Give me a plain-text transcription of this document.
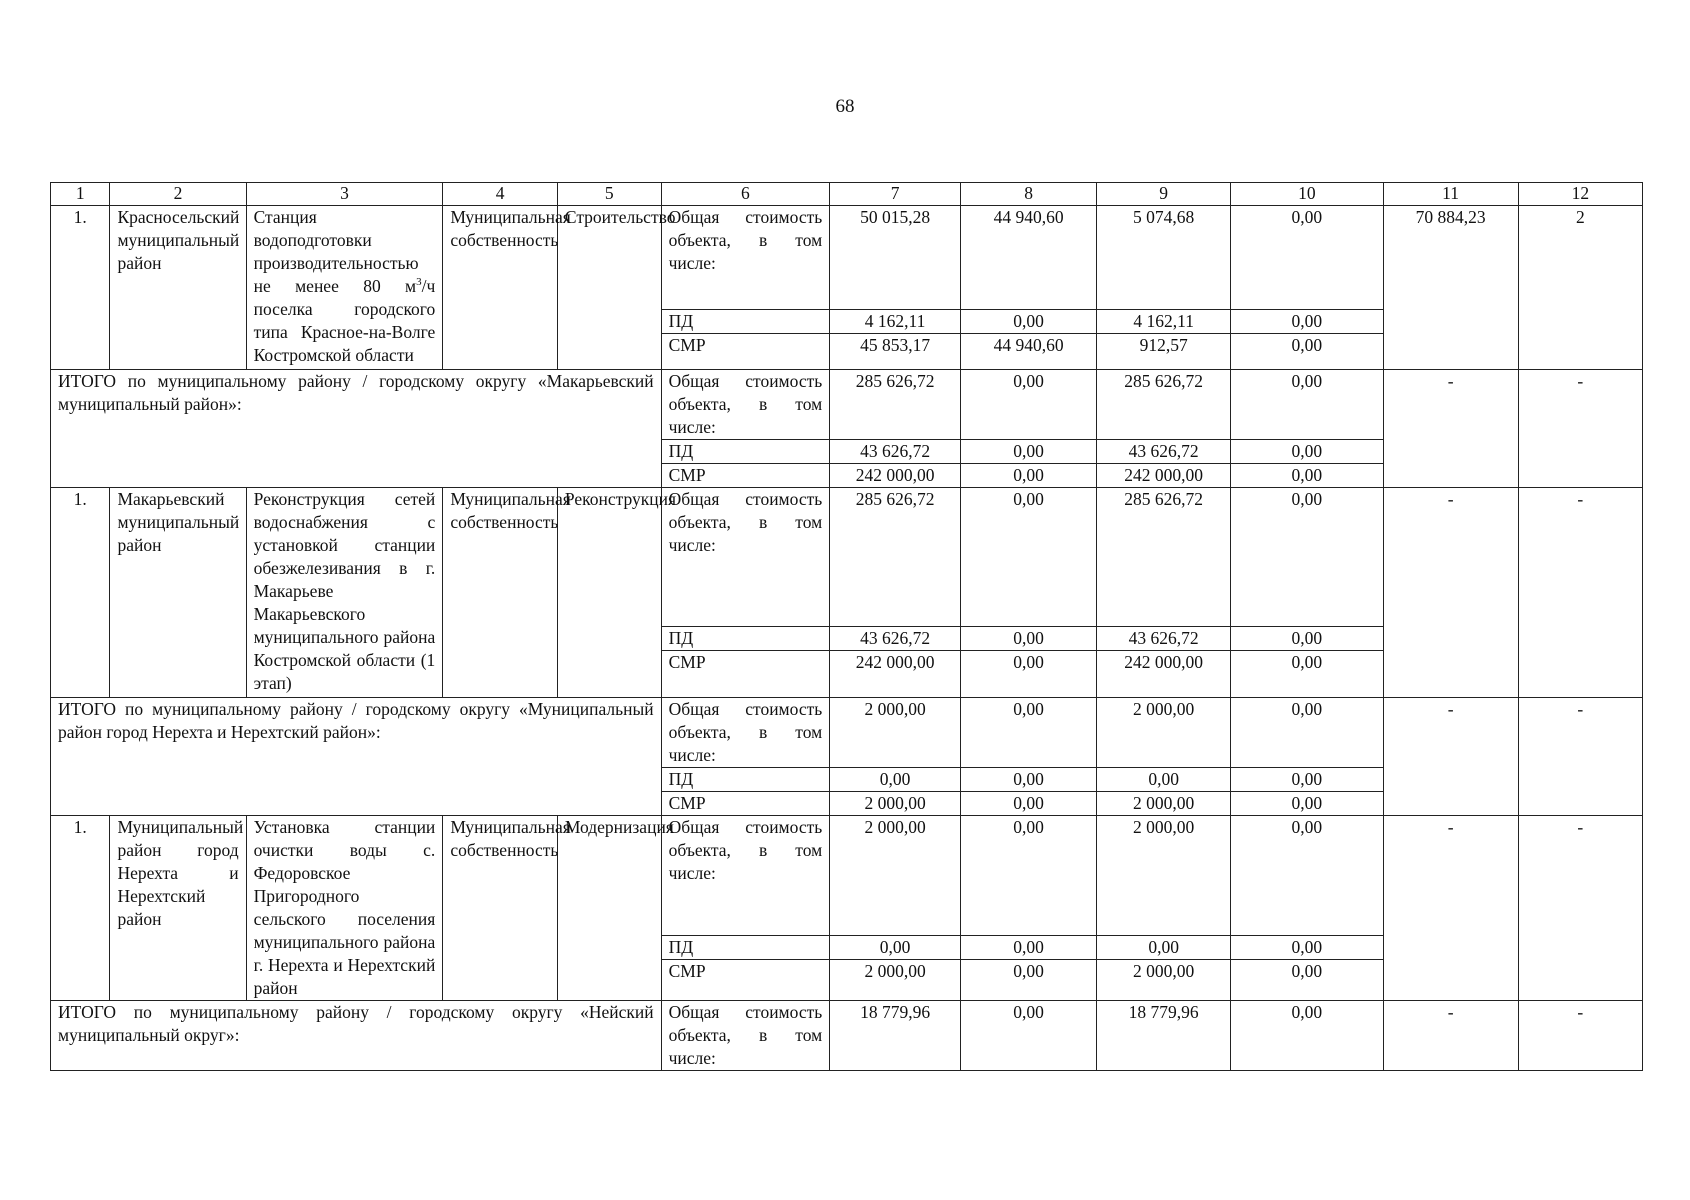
68
1	2	3	4	5	6	7	8	9	10	11	12
1.	Красносельский муниципальный район	Станция водоподготовки производительностью не менее 80 $м^3/ч$ поселка городского типа Красное-на-Волге Костромской области	Муниципальная собственность	Строительство	Общая стоимость объекта, в том числе:	50 015,28	44 940,60	5 074,68	0,00	70 884,23	2
					ПД	4 162,11	0,00	4 162,11	0,00		
					СМР	45 853,17	44 940,60	912,57	0,00		
ИТОГО по муниципальному району / городскому округу «Макарьевский муниципальный район»:					Общая стоимость объекта, в том числе:	285 626,72	0,00	285 626,72	0,00	-	-
					ПД	43 626,72	0,00	43 626,72	0,00		
					СМР	242 000,00	0,00	242 000,00	0,00		
1.	Макарьевский муниципальный район	Реконструкция сетей водоснабжения с установкой станции обезжелезивания в г. Макарьеве Макарьевского муниципального района Костромской области (1 этап)	Муниципальная собственность	Реконструкция	Общая стоимость объекта, в том числе:	285 626,72	0,00	285 626,72	0,00	-	-
					ПД	43 626,72	0,00	43 626,72	0,00		
					СМР	242 000,00	0,00	242 000,00	0,00		
ИТОГО по муниципальному району / городскому округу «Муниципальный район город Нерехта и Нерехтский район»:					Общая стоимость объекта, в том числе:	2 000,00	0,00	2 000,00	0,00	-	-
					ПД	0,00	0,00	0,00	0,00		
					СМР	2 000,00	0,00	2 000,00	0,00		
1.	Муниципальный район город Нерехта и Нерехтский район	Установка станции очистки воды с. Федоровское Пригородного сельского поселения муниципального района г. Нерехта и Нерехтский район	Муниципальная собственность	Модернизация	Общая стоимость объекта, в том числе:	2 000,00	0,00	2 000,00	0,00	-	-
					ПД	0,00	0,00	0,00	0,00		
					СМР	2 000,00	0,00	2 000,00	0,00		
ИТОГО по муниципальному району / городскому округу «Нейский муниципальный округ»:					Общая стоимость объекта, в том числе:	18 779,96	0,00	18 779,96	0,00	-	-
